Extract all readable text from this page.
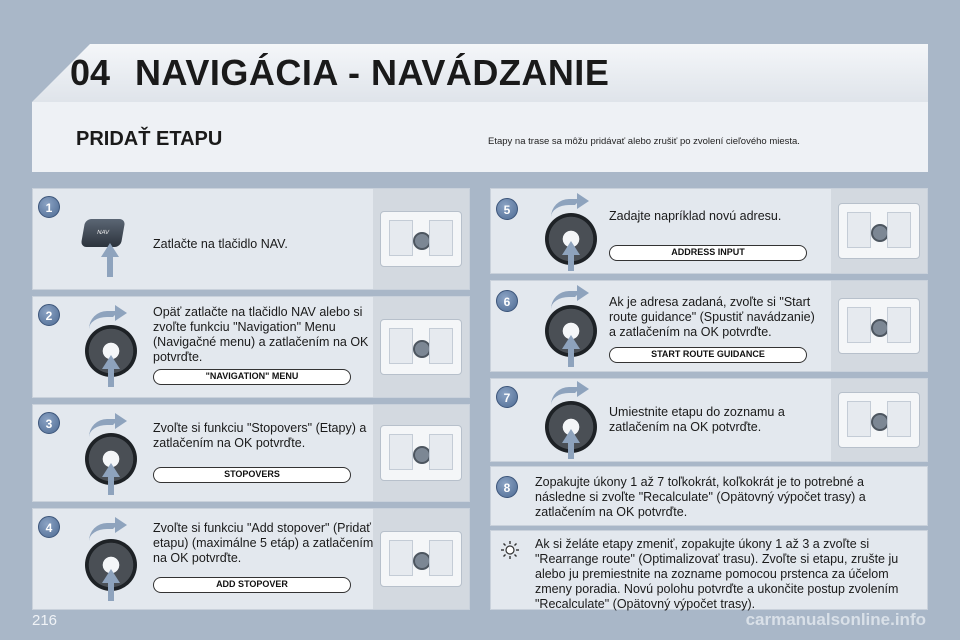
04 NAVIGÁCIA - NAVÁDZANIE
PRIDAŤ ETAPU	Etapy na trase sa môžu pridávať alebo zrušiť po zvolení cieľového miesta.
NAV
Zatlačte na tlačidlo NAV.
1
Opäť zatlačte na tlačidlo NAV alebo si zvoľte funkciu "Navigation" Menu (Navigačné menu) a zatlačením na OK potvrďte.
"NAVIGATION" MENU
2
Zvoľte si funkciu "Stopovers" (Etapy) a zatlačením na OK potvrďte.
STOPOVERS
3
Zvoľte si funkciu "Add stopover" (Pridať etapu) (maximálne 5 etáp) a zatlačením na OK potvrďte.
ADD STOPOVER
4
Zadajte napríklad novú adresu.
ADDRESS INPUT
5
Ak je adresa zadaná, zvoľte si "Start route guidance" (Spustiť navádzanie) a zatlačením na OK potvrďte.
START ROUTE GUIDANCE
6
Umiestnite etapu do zoznamu a zatlačením na OK potvrďte.
7
Zopakujte úkony 1 až 7 toľkokrát, koľkokrát je to potrebné a následne si zvoľte "Recalculate" (Opätovný výpočet trasy) a zatlačením na OK potvrďte.
8
Ak si želáte etapy zmeniť, zopakujte úkony 1 až 3 a zvoľte si "Rearrange route" (Optimalizovať trasu). Zvoľte si etapu, zrušte ju alebo ju premiestnite na zozname pomocou prstenca za účelom zmeny poradia. Novú polohu potvrďte a ukončite postup zvolením "Recalculate" (Opätovný výpočet trasy).
216	carmanualsonline.info
